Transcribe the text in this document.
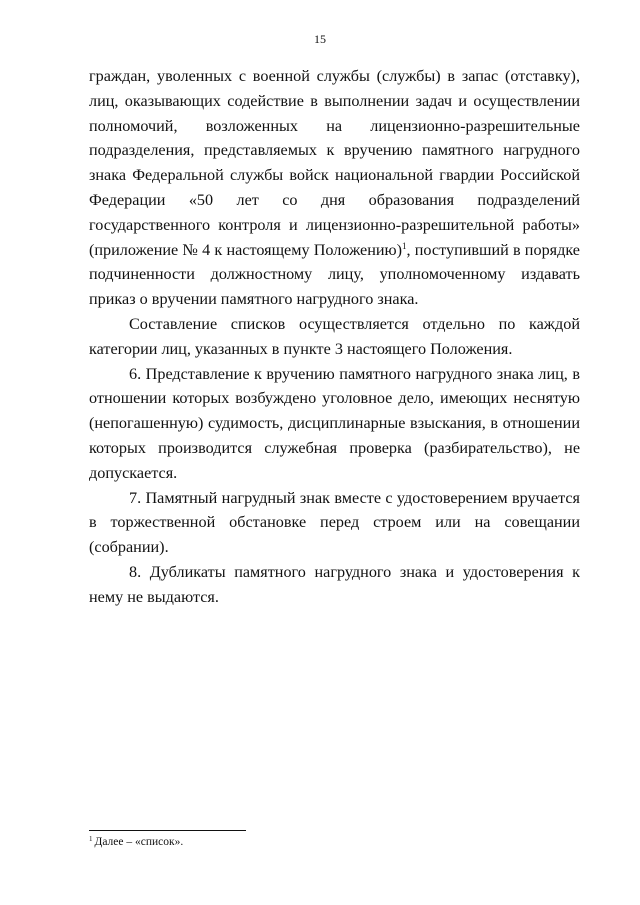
15

граждан, уволенных с военной службы (службы) в запас (отставку), лиц, оказывающих содействие в выполнении задач и осуществлении полномочий, возложенных на лицензионно-разрешительные подразделения, представляемых к вручению памятного нагрудного знака Федеральной службы войск национальной гвардии Российской Федерации «50 лет со дня образования подразделений государственного контроля и лицензионно-разрешительной работы» (приложение № 4 к настоящему Положению)$^1$, поступивший в порядке подчиненности должностному лицу, уполномоченному издавать приказ о вручении памятного нагрудного знака.

Составление списков осуществляется отдельно по каждой категории лиц, указанных в пункте 3 настоящего Положения.

6. Представление к вручению памятного нагрудного знака лиц, в отношении которых возбуждено уголовное дело, имеющих неснятую (непогашенную) судимость, дисциплинарные взыскания, в отношении которых производится служебная проверка (разбирательство), не допускается.

7. Памятный нагрудный знак вместе с удостоверением вручается в торжественной обстановке перед строем или на совещании (собрании).

8. Дубликаты памятного нагрудного знака и удостоверения к нему не выдаются.

$^1$ Далее – «список».
